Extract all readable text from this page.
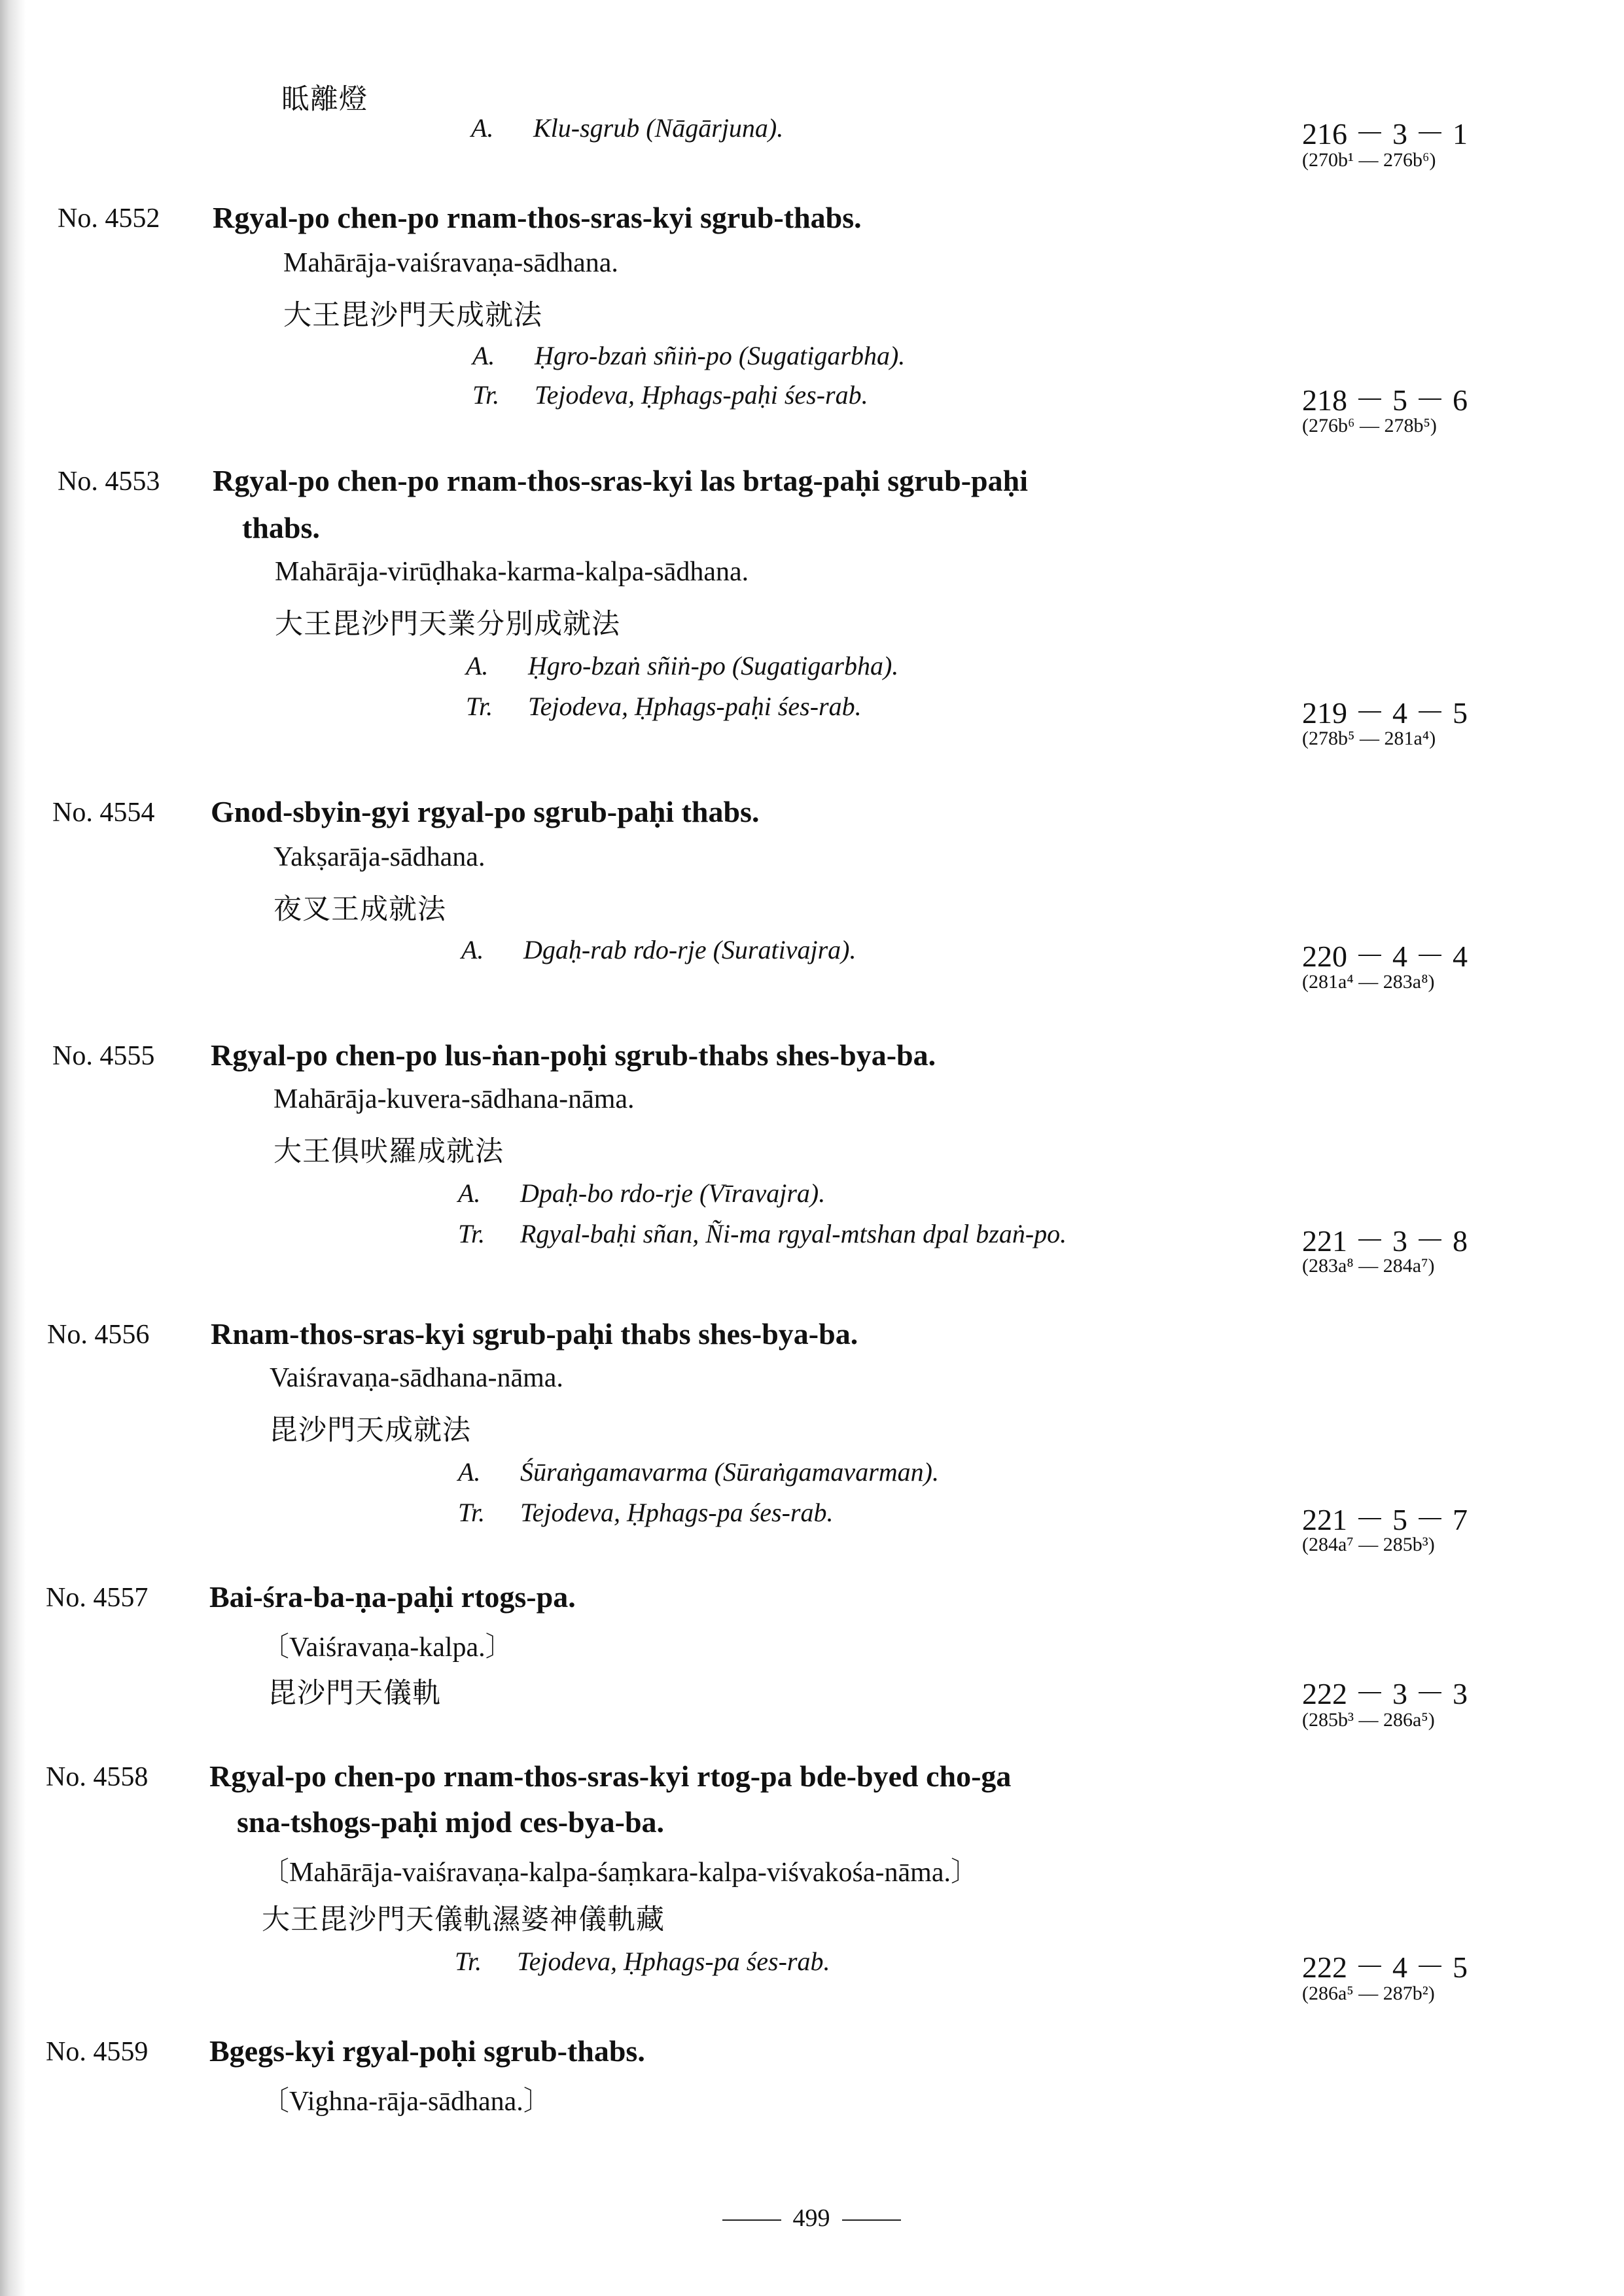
眡離燈
A. Klu-sgrub (Nāgārjuna).	216 － 3 － 1
(270b¹ — 276b⁶)
No. 4552 Rgyal-po chen-po rnam-thos-sras-kyi sgrub-thabs.
Mahārāja-vaiśravaṇa-sādhana.
大王毘沙門天成就法
A. Ḥgro-bzaṅ sñiṅ-po (Sugatigarbha).
Tr. Tejodeva, Ḥphags-paḥi śes-rab.	218 － 5 － 6
(276b⁶ — 278b⁵)
No. 4553 Rgyal-po chen-po rnam-thos-sras-kyi las brtag-paḥi sgrub-paḥi
thabs.
Mahārāja-virūḍhaka-karma-kalpa-sādhana.
大王毘沙門天業分別成就法
A. Ḥgro-bzaṅ sñiṅ-po (Sugatigarbha).
Tr. Tejodeva, Ḥphags-paḥi śes-rab.	219 － 4 － 5
(278b⁵ — 281a⁴)
No. 4554 Gnod-sbyin-gyi rgyal-po sgrub-paḥi thabs.
Yakṣarāja-sādhana.
夜叉王成就法
A. Dgaḥ-rab rdo-rje (Surativajra).	220 － 4 － 4
(281a⁴ — 283a⁸)
No. 4555 Rgyal-po chen-po lus-ṅan-poḥi sgrub-thabs shes-bya-ba.
Mahārāja-kuvera-sādhana-nāma.
大王俱吠羅成就法
A. Dpaḥ-bo rdo-rje (Vīravajra).
Tr. Rgyal-baḥi sñan, Ñi-ma rgyal-mtshan dpal bzaṅ-po.	221 － 3 － 8
(283a⁸ — 284a⁷)
No. 4556 Rnam-thos-sras-kyi sgrub-paḥi thabs shes-bya-ba.
Vaiśravaṇa-sādhana-nāma.
毘沙門天成就法
A. Śūraṅgamavarma (Sūraṅgamavarman).
Tr. Tejodeva, Ḥphags-pa śes-rab.	221 － 5 － 7
(284a⁷ — 285b³)
No. 4557 Bai-śra-ba-ṇa-paḥi rtogs-pa.
〔Vaiśravaṇa-kalpa.〕
毘沙門天儀軌	222 － 3 － 3
(285b³ — 286a⁵)
No. 4558 Rgyal-po chen-po rnam-thos-sras-kyi rtog-pa bde-byed cho-ga
sna-tshogs-paḥi mjod ces-bya-ba.
〔Mahārāja-vaiśravaṇa-kalpa-śaṃkara-kalpa-viśvakośa-nāma.〕
大王毘沙門天儀軌濕婆神儀軌藏
Tr. Tejodeva, Ḥphags-pa śes-rab.	222 － 4 － 5
(286a⁵ — 287b²)
No. 4559 Bgegs-kyi rgyal-poḥi sgrub-thabs.
〔Vighna-rāja-sādhana.〕
499
